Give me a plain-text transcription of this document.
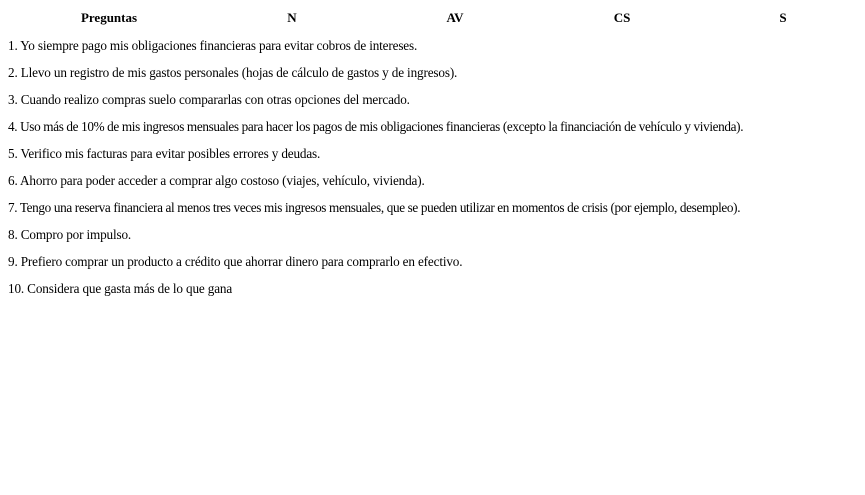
Preguntas	N	AV	CS	S
1. Yo siempre pago mis obligaciones financieras para evitar cobros de intereses.
2. Llevo un registro de mis gastos personales (hojas de cálculo de gastos y de ingresos).
3. Cuando realizo compras suelo compararlas con otras opciones del mercado.
4. Uso más de 10% de mis ingresos mensuales para hacer los pagos de mis obligaciones financieras (excepto la financiación de vehículo y vivienda).
5. Verifico mis facturas para evitar posibles errores y deudas.
6. Ahorro para poder acceder a comprar algo costoso (viajes, vehículo, vivienda).
7. Tengo una reserva financiera al menos tres veces mis ingresos mensuales, que se pueden utilizar en momentos de crisis (por ejemplo, desempleo).
8. Compro por impulso.
9. Prefiero comprar un producto a crédito que ahorrar dinero para comprarlo en efectivo.
10. Considera que gasta más de lo que gana
